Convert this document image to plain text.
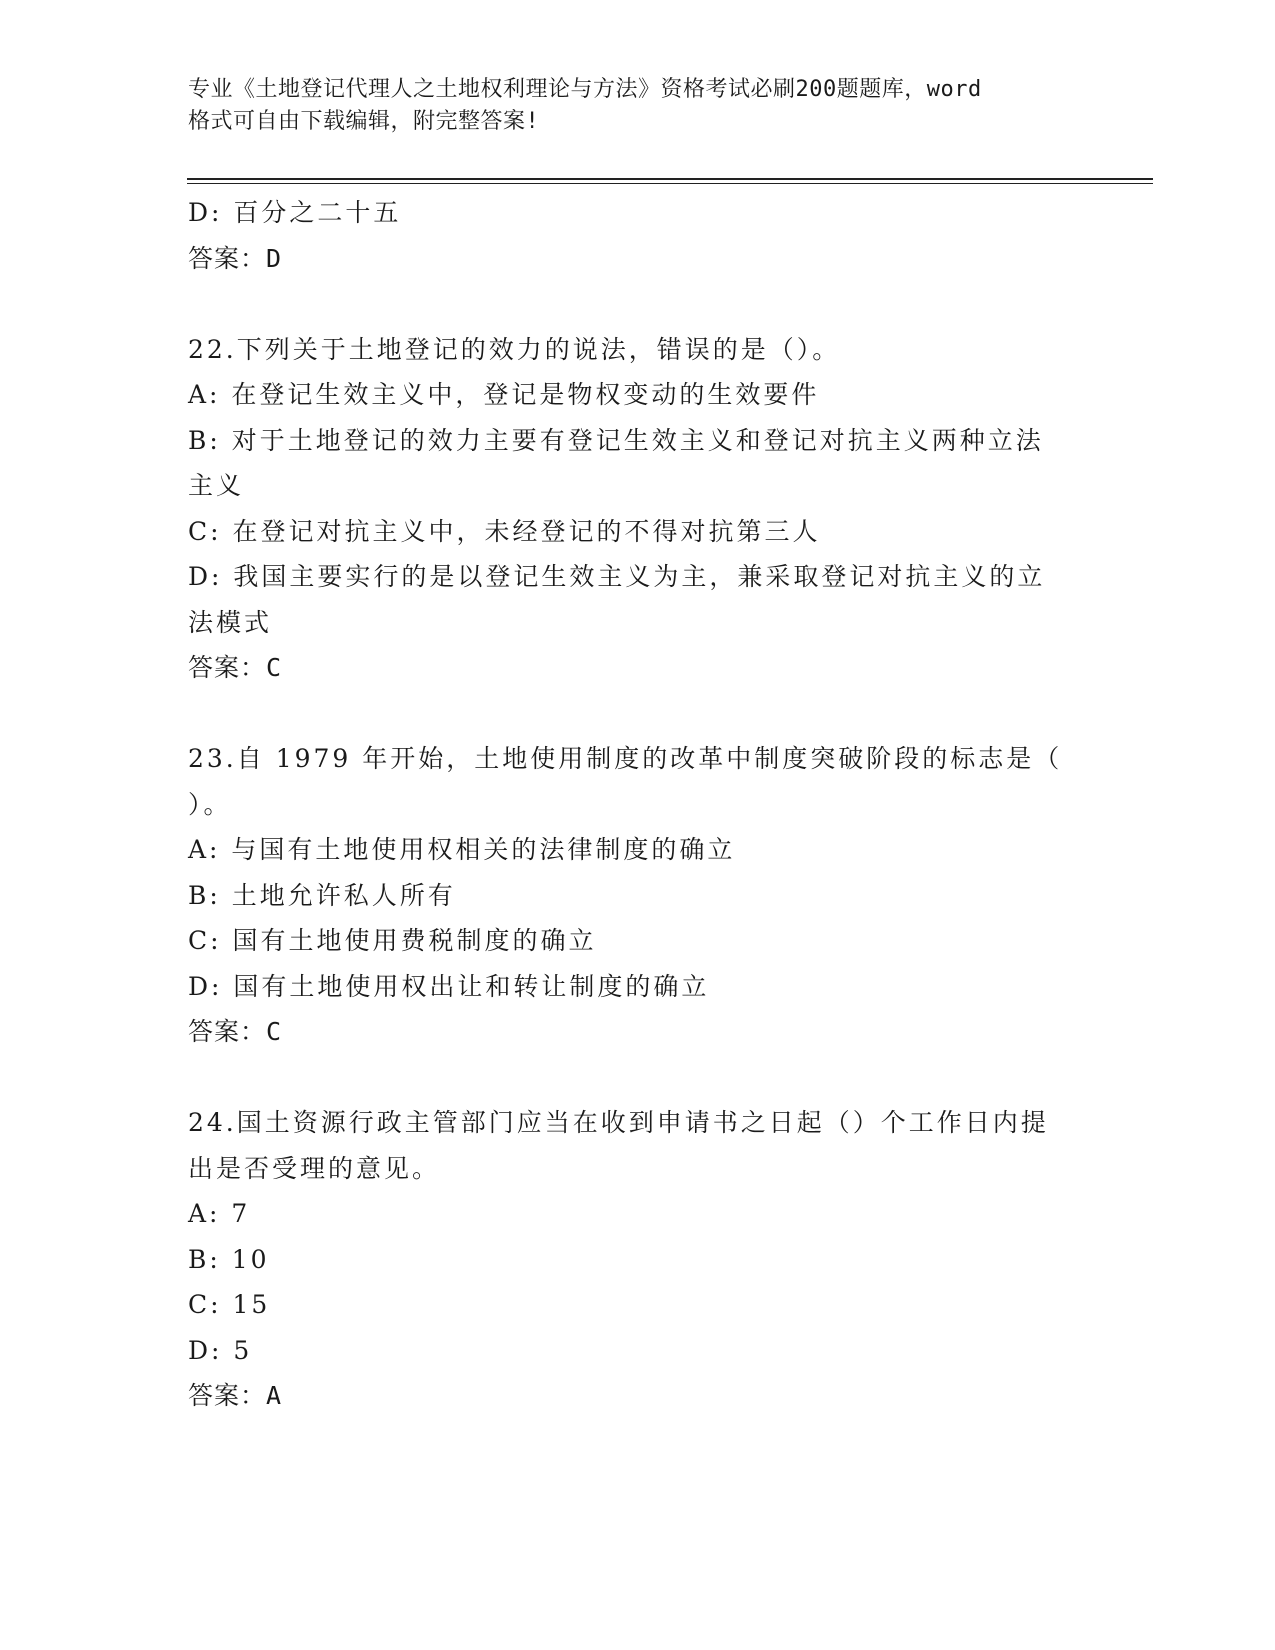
专业《土地登记代理人之土地权利理论与方法》资格考试必刷200题题库，word
格式可自由下载编辑，附完整答案!
D: 百分之二十五
答案：D
22.下列关于土地登记的效力的说法，错误的是（）。
A: 在登记生效主义中，登记是物权变动的生效要件
B: 对于土地登记的效力主要有登记生效主义和登记对抗主义两种立法
主义
C: 在登记对抗主义中，未经登记的不得对抗第三人
D: 我国主要实行的是以登记生效主义为主，兼采取登记对抗主义的立
法模式
答案：C
23.自 1979 年开始，土地使用制度的改革中制度突破阶段的标志是（
）。
A: 与国有土地使用权相关的法律制度的确立
B: 土地允许私人所有
C: 国有土地使用费税制度的确立
D: 国有土地使用权出让和转让制度的确立
答案：C
24.国土资源行政主管部门应当在收到申请书之日起（）个工作日内提
出是否受理的意见。
A: 7
B: 10
C: 15
D: 5
答案：A
